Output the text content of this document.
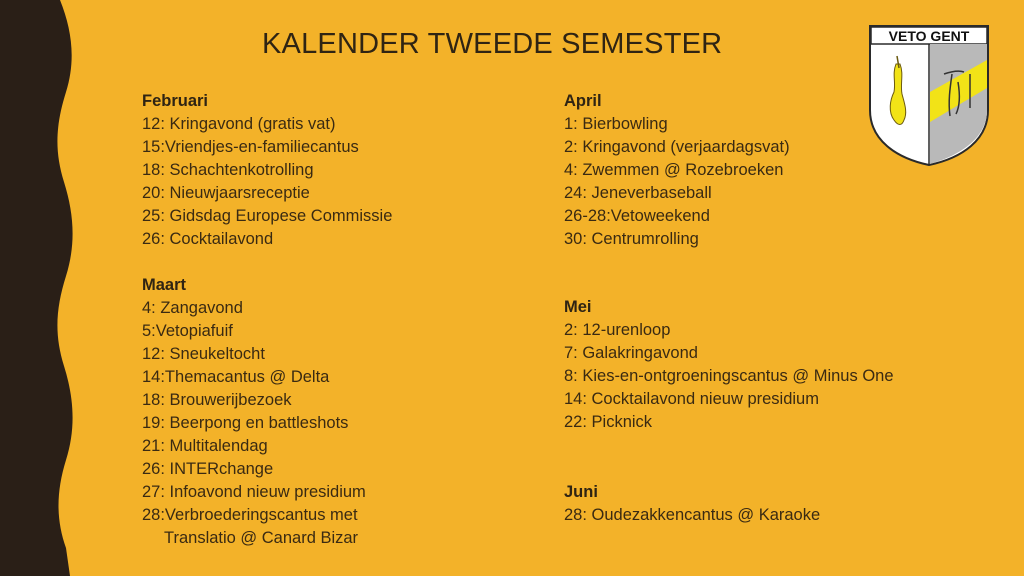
KALENDER TWEEDE SEMESTER

Februari

12: Kringavond (gratis vat)

15:Vriendjes-en-familiecantus

18: Schachtenkotrolling

20: Nieuwjaarsreceptie

25: Gidsdag Europese Commissie

26: Cocktailavond

Maart

4: Zangavond

5:Vetopiafuif

12: Sneukeltocht

14:Themacantus @ Delta

18: Brouwerijbezoek

19: Beerpong en battleshots

21: Multitalendag

26: INTERchange

27: Infoavond nieuw presidium

28:Verbroederingscantus met

Translatio @ Canard Bizar

April

1: Bierbowling

2: Kringavond (verjaardagsvat)

4: Zwemmen @ Rozebroeken

24: Jeneverbaseball

26-28:Vetoweekend

30: Centrumrolling

Mei

2: 12-urenloop

7: Galakringavond

8: Kies-en-ontgroeningscantus @ Minus One

14: Cocktailavond nieuw presidium

22: Picknick

Juni

28: Oudezakkencantus @ Karaoke

VETO GENT
